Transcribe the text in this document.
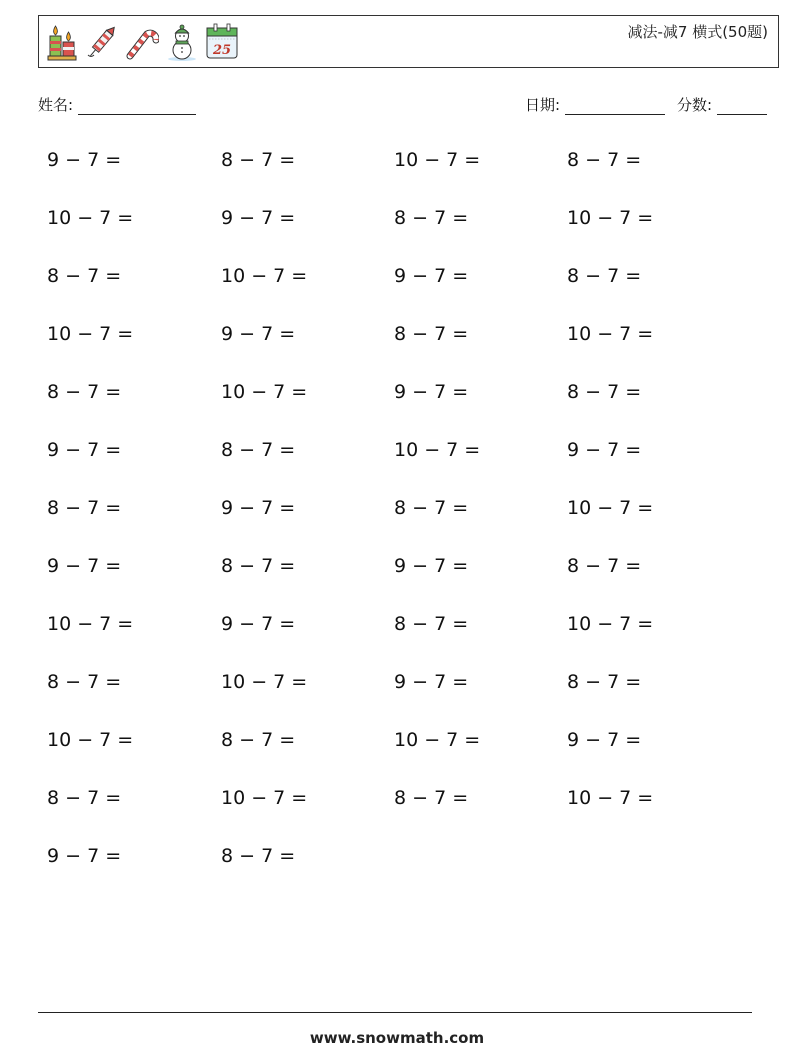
25
减法-减7 横式(50题)
姓名:	日期:	分数:
9 − 7 =	8 − 7 =	10 − 7 =	8 − 7 =
10 − 7 =	9 − 7 =	8 − 7 =	10 − 7 =
8 − 7 =	10 − 7 =	9 − 7 =	8 − 7 =
10 − 7 =	9 − 7 =	8 − 7 =	10 − 7 =
8 − 7 =	10 − 7 =	9 − 7 =	8 − 7 =
9 − 7 =	8 − 7 =	10 − 7 =	9 − 7 =
8 − 7 =	9 − 7 =	8 − 7 =	10 − 7 =
9 − 7 =	8 − 7 =	9 − 7 =	8 − 7 =
10 − 7 =	9 − 7 =	8 − 7 =	10 − 7 =
8 − 7 =	10 − 7 =	9 − 7 =	8 − 7 =
10 − 7 =	8 − 7 =	10 − 7 =	9 − 7 =
8 − 7 =	10 − 7 =	8 − 7 =	10 − 7 =
9 − 7 =	8 − 7 =
www.snowmath.com
